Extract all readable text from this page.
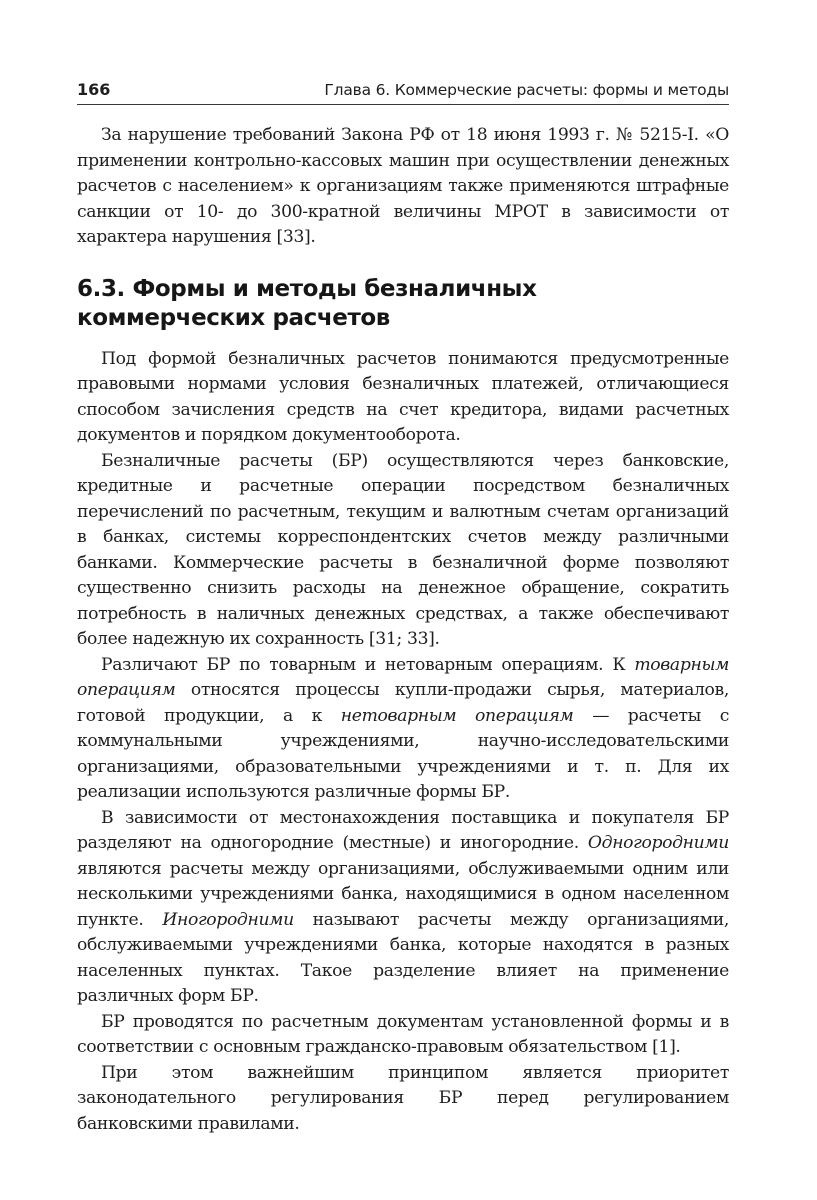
166	Глава 6. Коммерческие расчеты: формы и методы

За нарушение требований Закона РФ от 18 июня 1993 г. № 5215-I. «О применении контрольно-кассовых машин при осуществлении денежных расчетов с населением» к организациям также применяются штрафные санкции от 10- до 300-кратной величины МРОТ в зависимости от характера нарушения [33].

6.3. Формы и методы безналичных коммерческих расчетов

Под формой безналичных расчетов понимаются предусмотренные правовыми нормами условия безналичных платежей, отличающиеся способом зачисления средств на счет кредитора, видами расчетных документов и порядком документооборота.

Безналичные расчеты (БР) осуществляются через банковские, кредитные и расчетные операции посредством безналичных перечислений по расчетным, текущим и валютным счетам организаций в банках, системы корреспондентских счетов между различными банками. Коммерческие расчеты в безналичной форме позволяют существенно снизить расходы на денежное обращение, сократить потребность в наличных денежных средствах, а также обеспечивают более надежную их сохранность [31; 33].

Различают БР по товарным и нетоварным операциям. К товарным операциям относятся процессы купли-продажи сырья, материалов, готовой продукции, а к нетоварным операциям — расчеты с коммунальными учреждениями, научно-исследовательскими организациями, образовательными учреждениями и т. п. Для их реализации используются различные формы БР.

В зависимости от местонахождения поставщика и покупателя БР разделяют на одногородние (местные) и иногородние. Одногородними являются расчеты между организациями, обслуживаемыми одним или несколькими учреждениями банка, находящимися в одном населенном пункте. Иногородними называют расчеты между организациями, обслуживаемыми учреждениями банка, которые находятся в разных населенных пунктах. Такое разделение влияет на применение различных форм БР.

БР проводятся по расчетным документам установленной формы и в соответствии с основным гражданско-правовым обязательством [1].

При этом важнейшим принципом является приоритет законодательного регулирования БР перед регулированием банковскими правилами.
